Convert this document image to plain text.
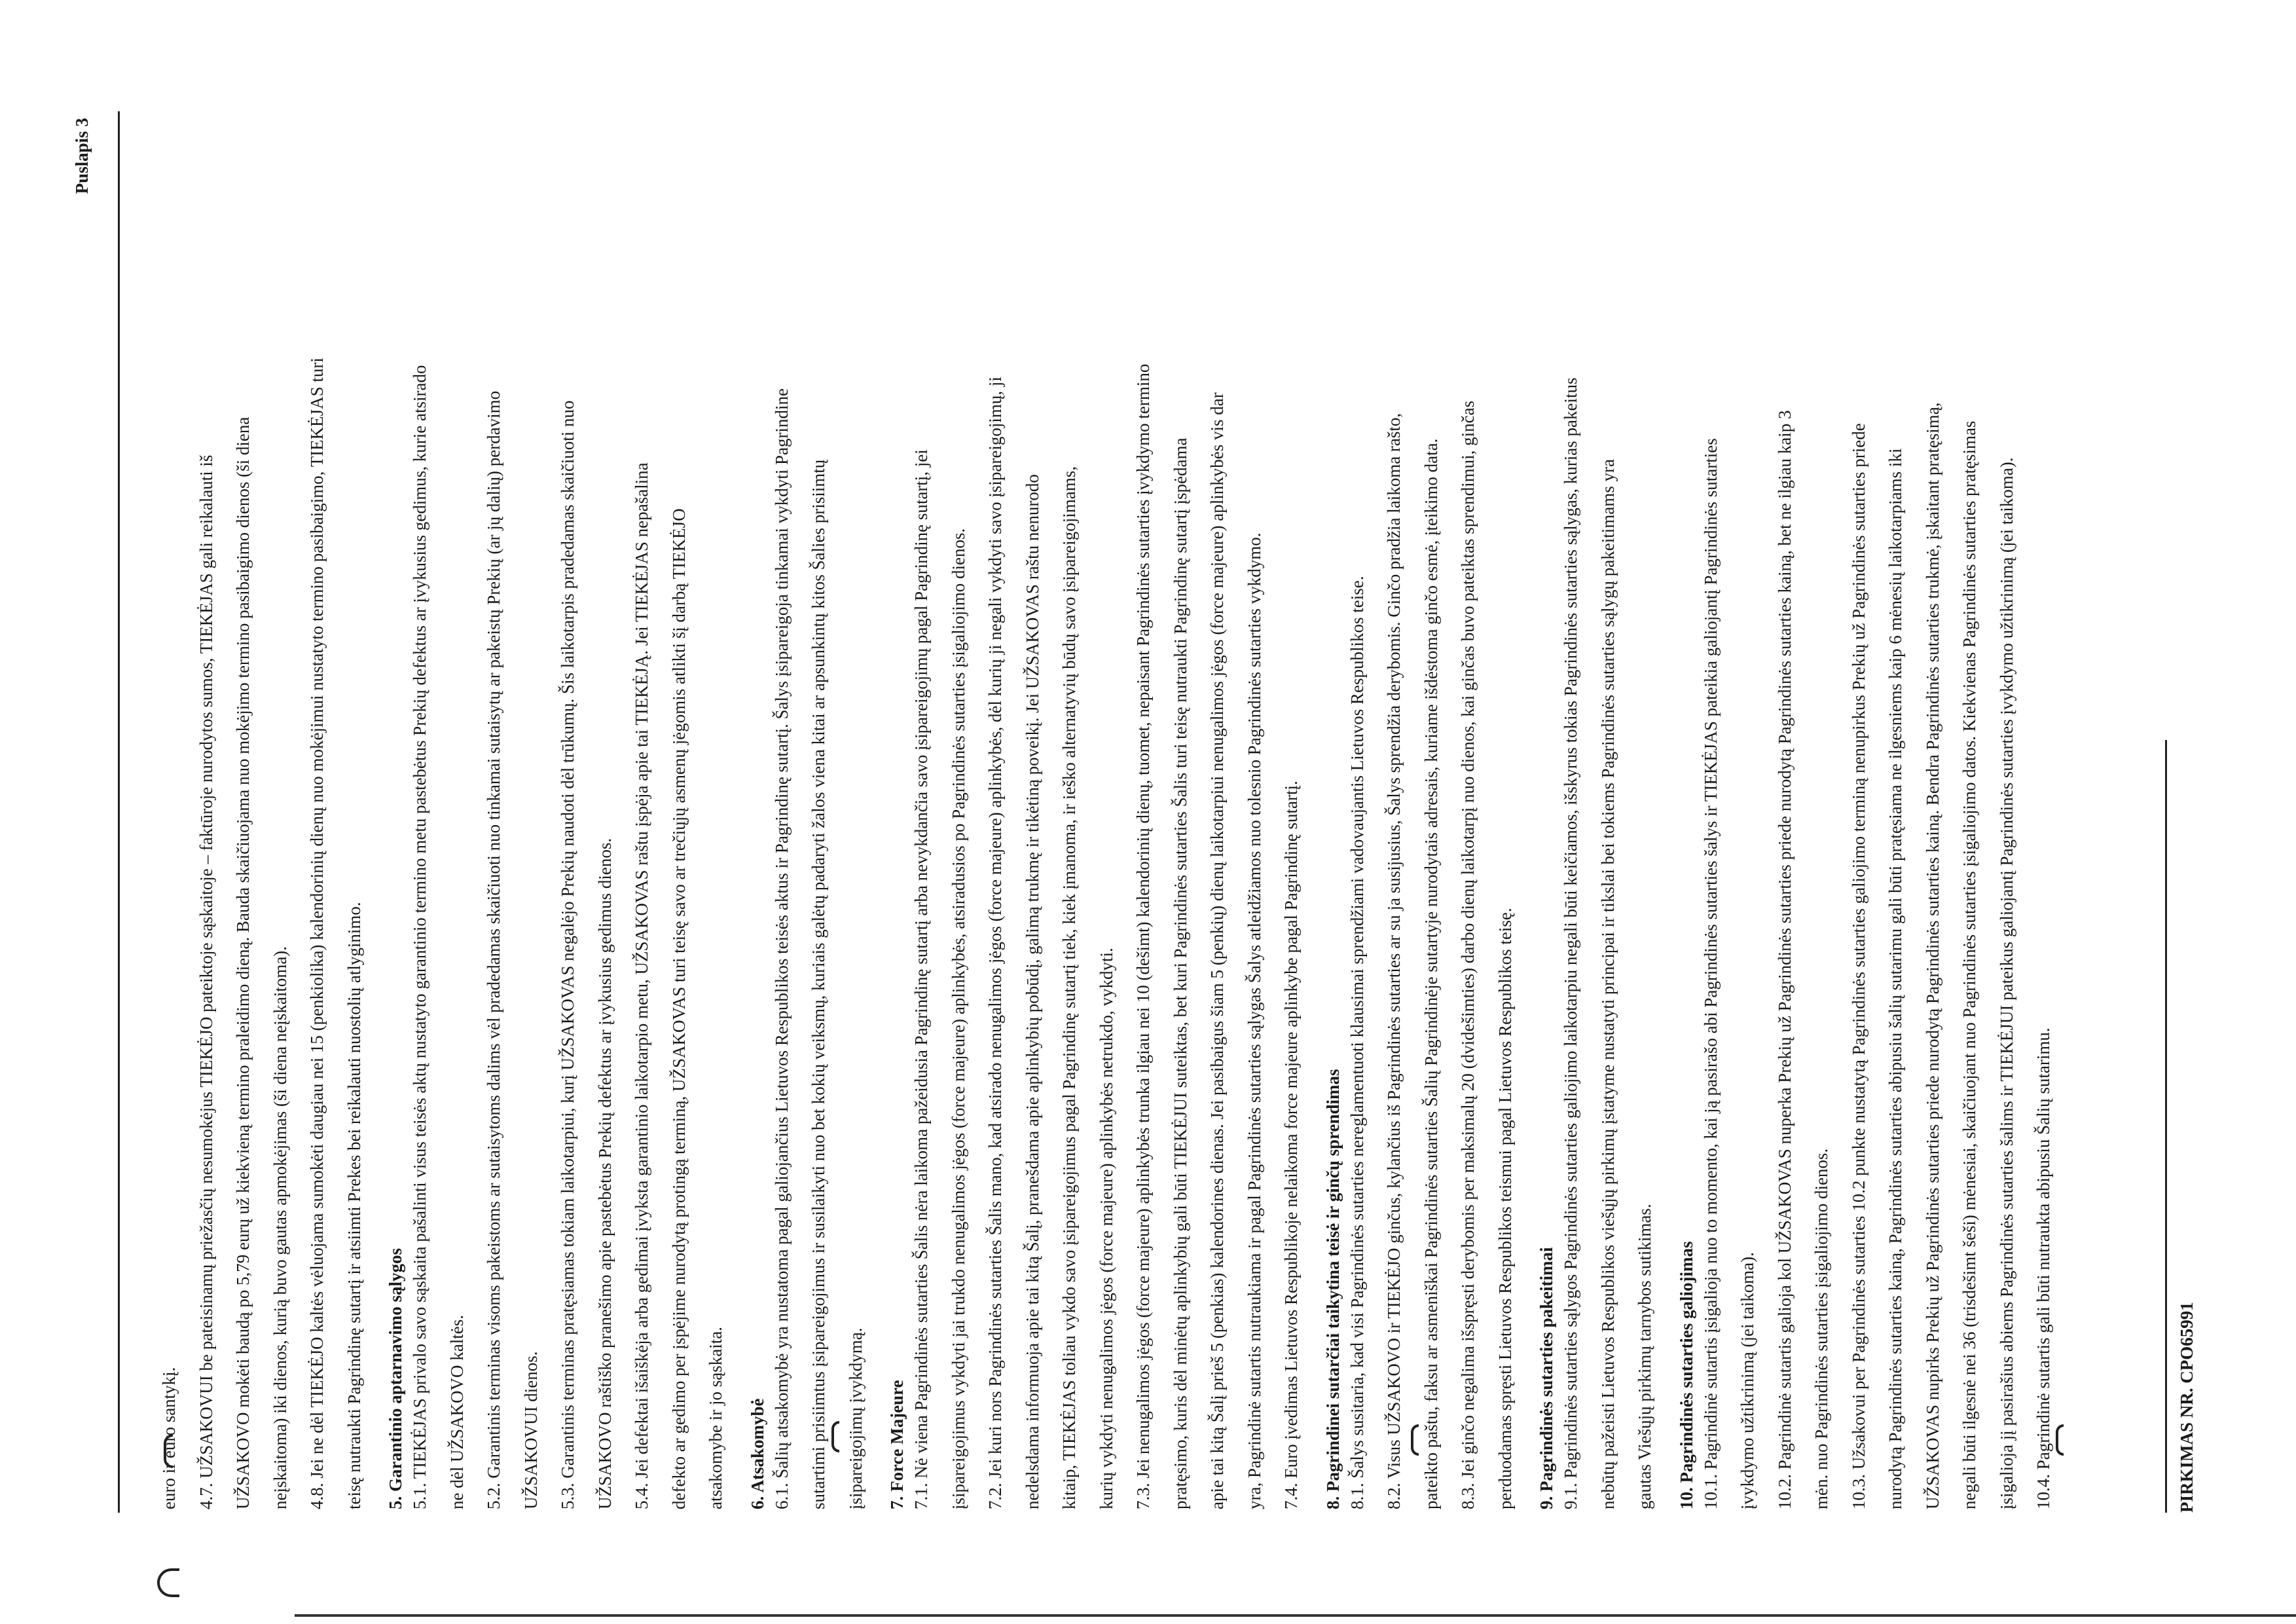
Puslapis 3
euro ir euro santykį. 4.7. UŽSAKOVUI be pateisinamų priežasčių nesumokėjus TIEKĖJO pateiktoje sąskaitoje – faktūroje nurodytos sumos, TIEKĖJAS gali reikalauti iš UŽSAKOVO mokėti baudą po 5,79 eurų už kiekvieną termino praleidimo dieną. Bauda skaičiuojama nuo mokėjimo termino pasibaigimo dienos (ši diena neįskaitoma) iki dienos, kurią buvo gautas apmokėjimas (ši diena neįskaitoma). 4.8. Jei ne dėl TIEKĖJO kaltės vėluojama sumokėti daugiau nei 15 (penkiolika) kalendorinių dienų nuo mokėjimui nustatyto termino pasibaigimo, TIEKĖJAS turi teisę nutraukti Pagrindinę sutartį ir atsiimti Prekes bei reikalauti nuostolių atlyginimo.	5. Garantinio aptarnavimo sąlygos 5.1. TIEKĖJAS privalo savo sąskaita pašalinti visus teisės aktų nustatyto garantinio termino metu pastebėtus Prekių defektus ar įvykusius gedimus, kurie atsirado ne dėl UŽSAKOVO kaltės. 5.2. Garantinis terminas visoms pakeistoms ar sutaisytoms dalims vėl pradedamas skaičiuoti nuo tinkamai sutaisytų ar pakeistų Prekių (ar jų dalių) perdavimo UŽSAKOVUI dienos. 5.3. Garantinis terminas pratęsiamas tokiam laikotarpiui, kurį UŽSAKOVAS negalėjo Prekių naudoti dėl trūkumų. Šis laikotarpis pradedamas skaičiuoti nuo UŽSAKOVO raštiško pranešimo apie pastebėtus Prekių defektus ar įvykusius gedimus dienos. 5.4. Jei defektai išaiškėja arba gedimai įvyksta garantinio laikotarpio metu, UŽSAKOVAS raštu įspėja apie tai TIEKĖJĄ. Jei TIEKĖJAS nepašalina defekto ar gedimo per įspėjime nurodytą protingą terminą, UŽSAKOVAS turi teisę savo ar trečiųjų asmenų jėgomis atlikti šį darbą TIEKĖJO atsakomybe ir jo sąskaita.	6. Atsakomybė 6.1. Šalių atsakomybė yra nustatoma pagal galiojančius Lietuvos Respublikos teisės aktus ir Pagrindinę sutartį. Šalys įsipareigoja tinkamai vykdyti Pagrindine sutartimi prisiimtus įsipareigojimus ir susilaikyti nuo bet kokių veiksmų, kuriais galėtų padaryti žalos viena kitai ar apsunkintų kitos Šalies prisiimtų įsipareigojimų įvykdymą.	7. Force Majeure 7.1. Nė viena Pagrindinės sutarties Šalis nėra laikoma pažeidusia Pagrindinę sutartį arba nevykdančia savo įsipareigojimų pagal Pagrindinę sutartį, jei įsipareigojimus vykdyti jai trukdo nenugalimos jėgos (force majeure) aplinkybės, atsiradusios po Pagrindinės sutarties įsigaliojimo dienos. 7.2. Jei kuri nors Pagrindinės sutarties Šalis mano, kad atsirado nenugalimos jėgos (force majeure) aplinkybės, dėl kurių ji negali vykdyti savo įsipareigojimų, ji nedelsdama informuoja apie tai kitą Šalį, pranešdama apie aplinkybių pobūdį, galimą trukmę ir tikėtiną poveikį. Jei UŽSAKOVAS raštu nenurodo kitaip, TIEKĖJAS toliau vykdo savo įsipareigojimus pagal Pagrindinę sutartį tiek, kiek įmanoma, ir ieško alternatyvių būdų savo įsipareigojimams, kurių vykdyti nenugalimos jėgos (force majeure) aplinkybės netrukdo, vykdyti. 7.3. Jei nenugalimos jėgos (force majeure) aplinkybės trunka ilgiau nei 10 (dešimt) kalendorinių dienų, tuomet, nepaisant Pagrindinės sutarties įvykdymo termino pratęsimo, kuris dėl minėtų aplinkybių gali būti TIEKĖJUI suteiktas, bet kuri Pagrindinės sutarties Šalis turi teisę nutraukti Pagrindinę sutartį įspėdama apie tai kitą Šalį prieš 5 (penkias) kalendorines dienas. Jei pasibaigus šiam 5 (penkių) dienų laikotarpiui nenugalimos jėgos (force majeure) aplinkybės vis dar yra, Pagrindinė sutartis nutraukiama ir pagal Pagrindinės sutarties sąlygas Šalys atleidžiamos nuo tolesnio Pagrindinės sutarties vykdymo. 7.4. Euro įvedimas Lietuvos Respublikoje nelaikoma force majeure aplinkybe pagal Pagrindinę sutartį.	8. Pagrindinei sutarčiai taikytina teisė ir ginčų sprendimas 8.1. Šalys susitaria, kad visi Pagrindinės sutarties nereglamentuoti klausimai sprendžiami vadovaujantis Lietuvos Respublikos teise. 8.2. Visus UŽSAKOVO ir TIEKĖJO ginčus, kylančius iš Pagrindinės sutarties ar su ja susijusius, Šalys sprendžia derybomis. Ginčo pradžia laikoma rašto, pateikto paštu, faksu ar asmeniškai Pagrindinės sutarties Šalių Pagrindinėje sutartyje nurodytais adresais, kuriame išdėstoma ginčo esmė, įteikimo data. 8.3. Jei ginčo negalima išspręsti derybomis per maksimalų 20 (dvidešimties) darbo dienų laikotarpį nuo dienos, kai ginčas buvo pateiktas sprendimui, ginčas perduodamas spręsti Lietuvos Respublikos teismui pagal Lietuvos Respublikos teisę.	9. Pagrindinės sutarties pakeitimai 9.1. Pagrindinės sutarties sąlygos Pagrindinės sutarties galiojimo laikotarpiu negali būti keičiamos, išskyrus tokias Pagrindinės sutarties sąlygas, kurias pakeitus nebūtų pažeisti Lietuvos Respublikos viešųjų pirkimų įstatyme nustatyti principai ir tikslai bei tokiems Pagrindinės sutarties sąlygų pakeitimams yra gautas Viešųjų pirkimų tarnybos sutikimas.	10. Pagrindinės sutarties galiojimas 10.1. Pagrindinė sutartis įsigalioja nuo to momento, kai ją pasirašo abi Pagrindinės sutarties šalys ir TIEKĖJAS pateikia galiojantį Pagrindinės sutarties įvykdymo užtikrinimą (jei taikoma). 10.2. Pagrindinė sutartis galioja kol UŽSAKOVAS nuperka Prekių už Pagrindinės sutarties priede nurodytą Pagrindinės sutarties kainą, bet ne ilgiau kaip 3 mėn. nuo Pagrindinės sutarties įsigaliojimo dienos. 10.3. Užsakovui per Pagrindinės sutarties 10.2 punkte nustatytą Pagrindinės sutarties galiojimo terminą nenupirkus Prekių už Pagrindinės sutarties priede nurodytą Pagrindinės sutarties kainą, Pagrindinės sutarties abipusiu šalių sutarimu gali būti pratęsiama ne ilgesniems kaip 6 mėnesių laikotarpiams iki UŽSAKOVAS nupirks Prekių už Pagrindinės sutarties priede nurodytą Pagrindinės sutarties kainą. Bendra Pagrindinės sutarties trukmė, įskaitant pratęsimą, negali būti ilgesnė nei 36 (trisdešimt šeši) mėnesiai, skaičiuojant nuo Pagrindinės sutarties įsigaliojimo datos. Kiekvienas Pagrindinės sutarties pratęsimas įsigalioja jį pasirašius abiems Pagrindinės sutarties šalims ir TIEKĖJUI pateikus galiojantį Pagrindinės sutarties įvykdymo užtikrinimą (jei taikoma). 10.4. Pagrindinė sutartis gali būti nutraukta abipusiu Šalių sutarimu.	PIRKIMAS NR. CPO65991
